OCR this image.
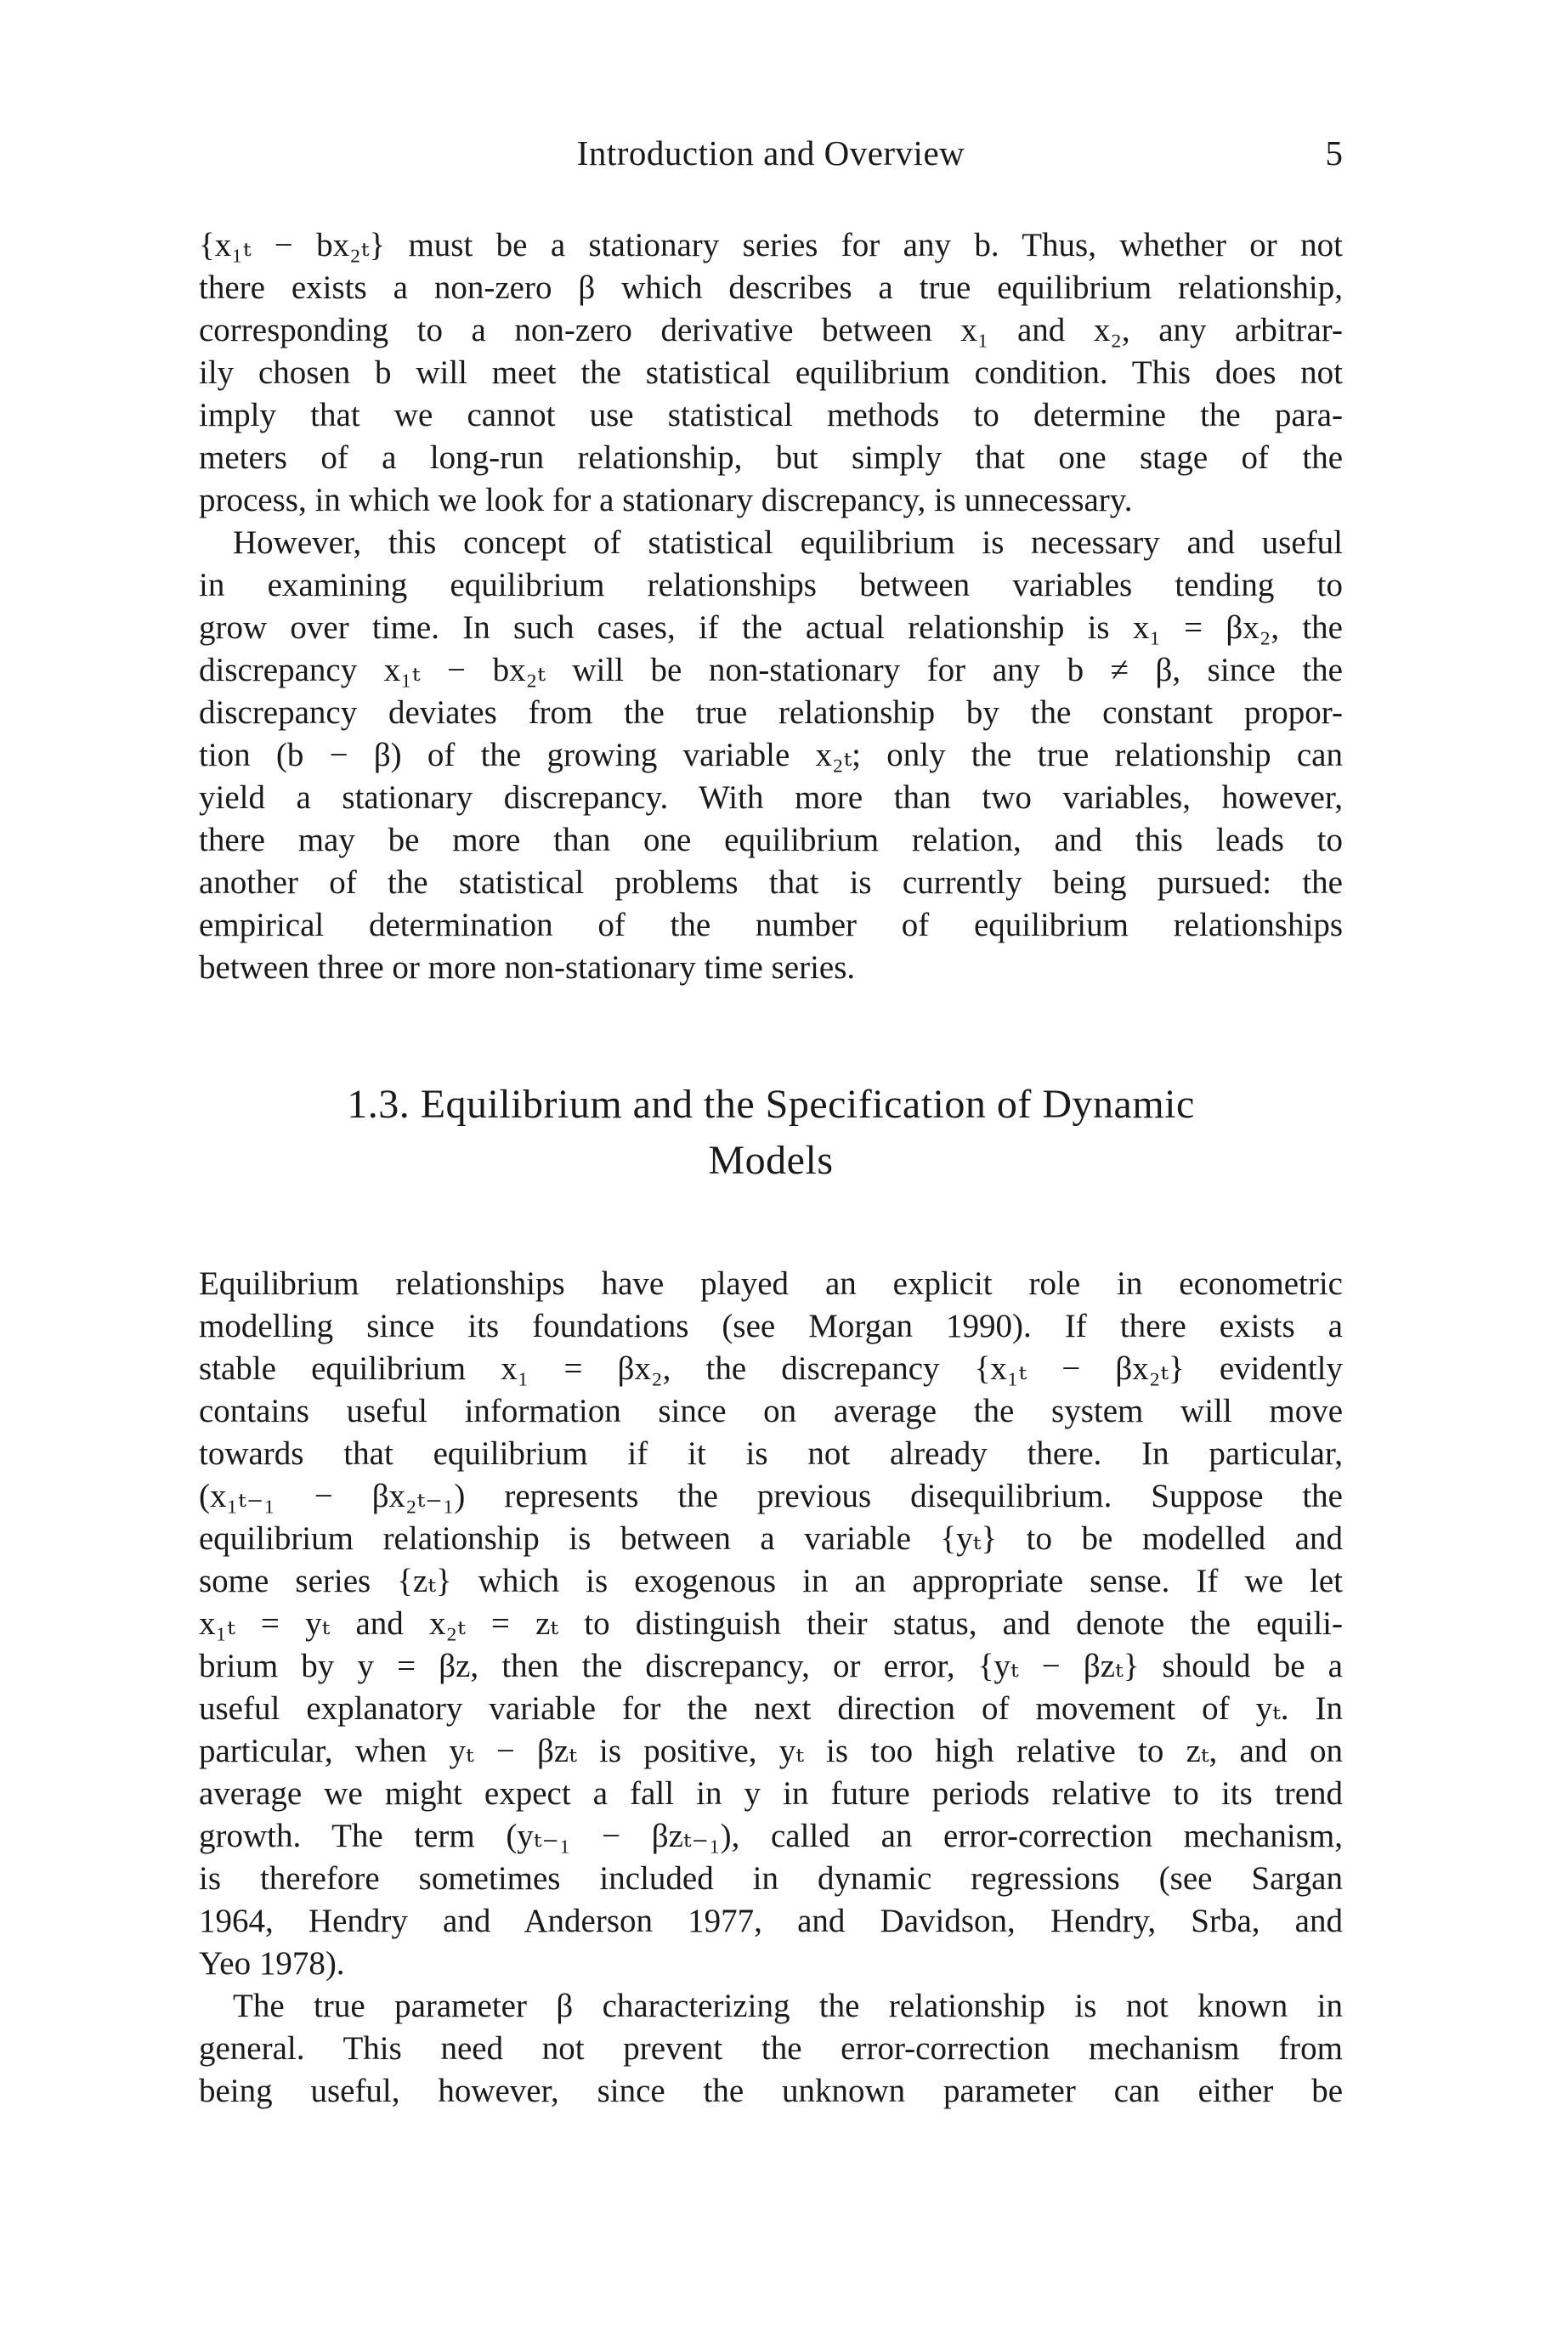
Introduction and Overview	5
{x₁ₜ − bx₂ₜ} must be a stationary series for any b. Thus, whether or not
there exists a non-zero β which describes a true equilibrium relationship,
corresponding to a non-zero derivative between x₁ and x₂, any arbitrar-
ily chosen b will meet the statistical equilibrium condition. This does not
imply that we cannot use statistical methods to determine the para-
meters of a long-run relationship, but simply that one stage of the
process, in which we look for a stationary discrepancy, is unnecessary.
However, this concept of statistical equilibrium is necessary and useful
in examining equilibrium relationships between variables tending to
grow over time. In such cases, if the actual relationship is x₁ = βx₂, the
discrepancy x₁ₜ − bx₂ₜ will be non-stationary for any b ≠ β, since the
discrepancy deviates from the true relationship by the constant propor-
tion (b − β) of the growing variable x₂ₜ; only the true relationship can
yield a stationary discrepancy. With more than two variables, however,
there may be more than one equilibrium relation, and this leads to
another of the statistical problems that is currently being pursued: the
empirical determination of the number of equilibrium relationships
between three or more non-stationary time series.
1.3. Equilibrium and the Specification of Dynamic
Models
Equilibrium relationships have played an explicit role in econometric
modelling since its foundations (see Morgan 1990). If there exists a
stable equilibrium x₁ = βx₂, the discrepancy {x₁ₜ − βx₂ₜ} evidently
contains useful information since on average the system will move
towards that equilibrium if it is not already there. In particular,
(x₁ₜ₋₁ − βx₂ₜ₋₁) represents the previous disequilibrium. Suppose the
equilibrium relationship is between a variable {yₜ} to be modelled and
some series {zₜ} which is exogenous in an appropriate sense. If we let
x₁ₜ = yₜ and x₂ₜ = zₜ to distinguish their status, and denote the equili-
brium by y = βz, then the discrepancy, or error, {yₜ − βzₜ} should be a
useful explanatory variable for the next direction of movement of yₜ. In
particular, when yₜ − βzₜ is positive, yₜ is too high relative to zₜ, and on
average we might expect a fall in y in future periods relative to its trend
growth. The term (yₜ₋₁ − βzₜ₋₁), called an error-correction mechanism,
is therefore sometimes included in dynamic regressions (see Sargan
1964, Hendry and Anderson 1977, and Davidson, Hendry, Srba, and
Yeo 1978).
The true parameter β characterizing the relationship is not known in
general. This need not prevent the error-correction mechanism from
being useful, however, since the unknown parameter can either be
